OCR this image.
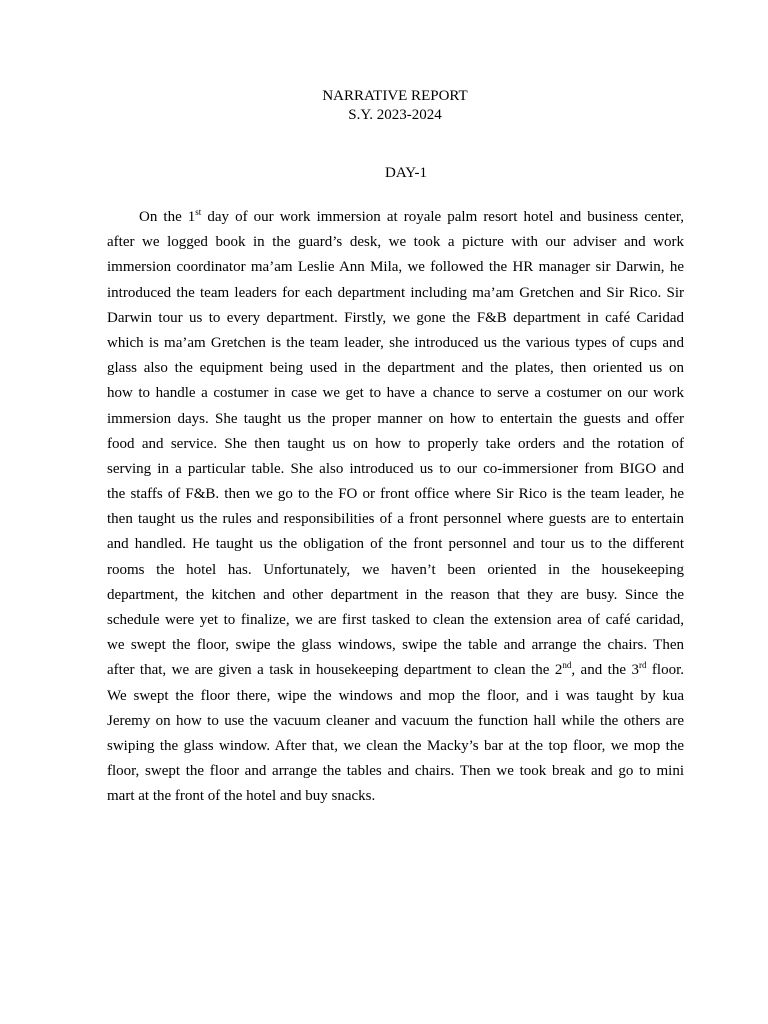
NARRATIVE REPORT
S.Y. 2023-2024
DAY-1
On the 1st day of our work immersion at royale palm resort hotel and business center,
after we logged book in the guard’s desk, we took a picture with our adviser and work
immersion coordinator ma’am Leslie Ann Mila, we followed the HR manager sir Darwin, he
introduced the team leaders for each department including ma’am Gretchen and Sir Rico. Sir
Darwin tour us to every department. Firstly, we gone the F&B department in café Caridad
which is ma’am Gretchen is the team leader, she introduced us the various types of cups and
glass also the equipment being used in the department and the plates, then oriented us on
how to handle a costumer in case we get to have a chance to serve a costumer on our work
immersion days. She taught us the proper manner on how to entertain the guests and offer
food and service. She then taught us on how to properly take orders and the rotation of
serving in a particular table. She also introduced us to our co-immersioner from BIGO and
the staffs of F&B. then we go to the FO or front office where Sir Rico is the team leader, he
then taught us the rules and responsibilities of a front personnel where guests are to entertain
and handled. He taught us the obligation of the front personnel and tour us to the different
rooms the hotel has. Unfortunately, we haven’t been oriented in the housekeeping
department, the kitchen and other department in the reason that they are busy. Since the
schedule were yet to finalize, we are first tasked to clean the extension area of café caridad,
we swept the floor, swipe the glass windows, swipe the table and arrange the chairs. Then
after that, we are given a task in housekeeping department to clean the 2nd, and the 3rd floor.
We swept the floor there, wipe the windows and mop the floor, and i was taught by kua
Jeremy on how to use the vacuum cleaner and vacuum the function hall while the others are
swiping the glass window. After that, we clean the Macky’s bar at the top floor, we mop the
floor, swept the floor and arrange the tables and chairs. Then we took break and go to mini
mart at the front of the hotel and buy snacks.
